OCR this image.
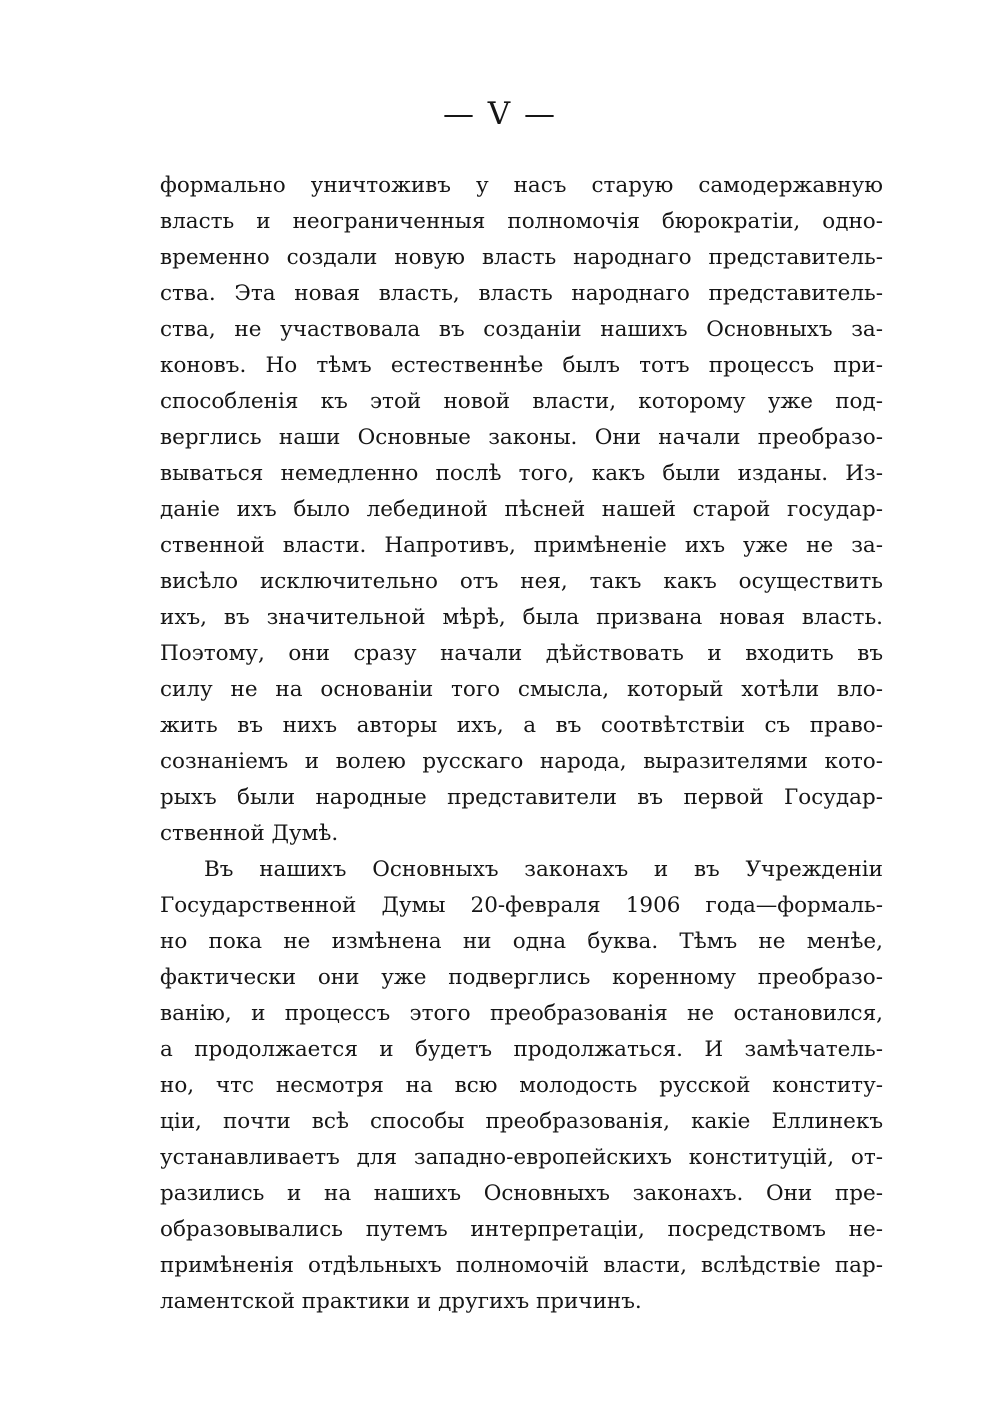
— V —
формально уничтоживъ у насъ старую самодержавную
власть и неограниченныя полномочія бюрократіи, одно-
временно создали новую власть народнаго представитель-
ства. Эта новая власть, власть народнаго представитель-
ства, не участвовала въ созданіи нашихъ Основныхъ за-
коновъ. Но тѣмъ естественнѣе былъ тотъ процессъ при-
способленія къ этой новой власти, которому уже под-
верглись наши Основные законы. Они начали преобразо-
вываться немедленно послѣ того, какъ были изданы. Из-
даніе ихъ было лебединой пѣсней нашей старой государ-
ственной власти. Напротивъ, примѣненіе ихъ уже не за-
висѣло исключительно отъ нея, такъ какъ осуществить
ихъ, въ значительной мѣрѣ, была призвана новая власть.
Поэтому, они сразу начали дѣйствовать и входить въ
силу не на основаніи того смысла, который хотѣли вло-
жить въ нихъ авторы ихъ, а въ соотвѣтствіи съ право-
сознаніемъ и волею русскаго народа, выразителями кото-
рыхъ были народные представители въ первой Государ-
ственной Думѣ.
Въ нашихъ Основныхъ законахъ и въ Учрежденіи
Государственной Думы 20-февраля 1906 года—формаль-
но пока не измѣнена ни одна буква. Тѣмъ не менѣе,
фактически они уже подверглись коренному преобразо-
ванію, и процессъ этого преобразованія не остановился,
а продолжается и будетъ продолжаться. И замѣчатель-
но, чтс несмотря на всю молодость русской конститу-
ціи, почти всѣ способы преобразованія, какіе Еллинекъ
устанавливаетъ для западно-европейскихъ конституцій, от-
разились и на нашихъ Основныхъ законахъ. Они пре-
образовывались путемъ интерпретаціи, посредствомъ не-
примѣненія отдѣльныхъ полномочій власти, вслѣдствіе пар-
ламентской практики и другихъ причинъ.
